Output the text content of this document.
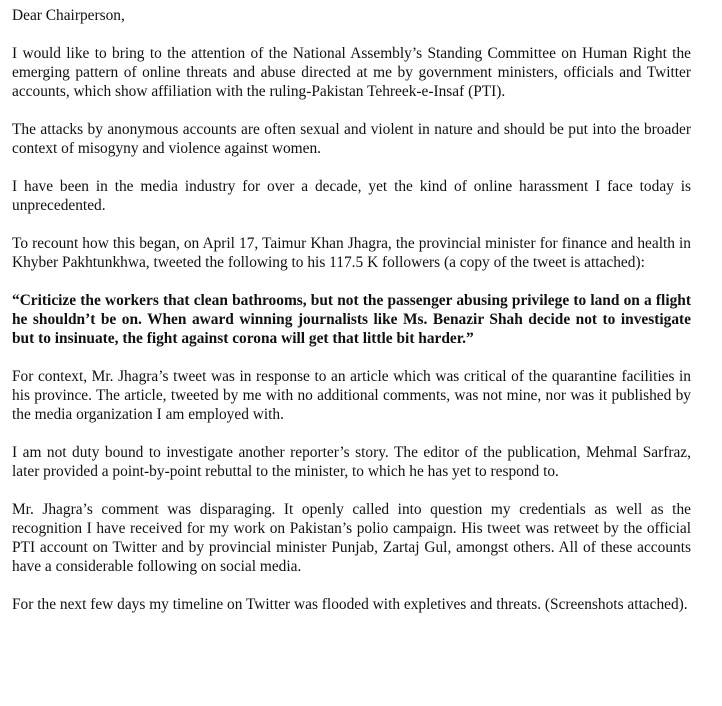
Dear Chairperson,

I would like to bring to the attention of the National Assembly’s Standing Committee on Human Right the emerging pattern of online threats and abuse directed at me by government ministers, officials and Twitter accounts, which show affiliation with the ruling-Pakistan Tehreek-e-Insaf (PTI).

The attacks by anonymous accounts are often sexual and violent in nature and should be put into the broader context of misogyny and violence against women.

I have been in the media industry for over a decade, yet the kind of online harassment I face today is unprecedented.

To recount how this began, on April 17, Taimur Khan Jhagra, the provincial minister for finance and health in Khyber Pakhtunkhwa, tweeted the following to his 117.5 K followers (a copy of the tweet is attached):

“Criticize the workers that clean bathrooms, but not the passenger abusing privilege to land on a flight he shouldn’t be on. When award winning journalists like Ms. Benazir Shah decide not to investigate but to insinuate, the fight against corona will get that little bit harder.”

For context, Mr. Jhagra’s tweet was in response to an article which was critical of the quarantine facilities in his province. The article, tweeted by me with no additional comments, was not mine, nor was it published by the media organization I am employed with.

I am not duty bound to investigate another reporter’s story. The editor of the publication, Mehmal Sarfraz, later provided a point-by-point rebuttal to the minister, to which he has yet to respond to.

Mr. Jhagra’s comment was disparaging. It openly called into question my credentials as well as the recognition I have received for my work on Pakistan’s polio campaign. His tweet was retweet by the official PTI account on Twitter and by provincial minister Punjab, Zartaj Gul, amongst others. All of these accounts have a considerable following on social media.

For the next few days my timeline on Twitter was flooded with expletives and threats. (Screenshots attached).
